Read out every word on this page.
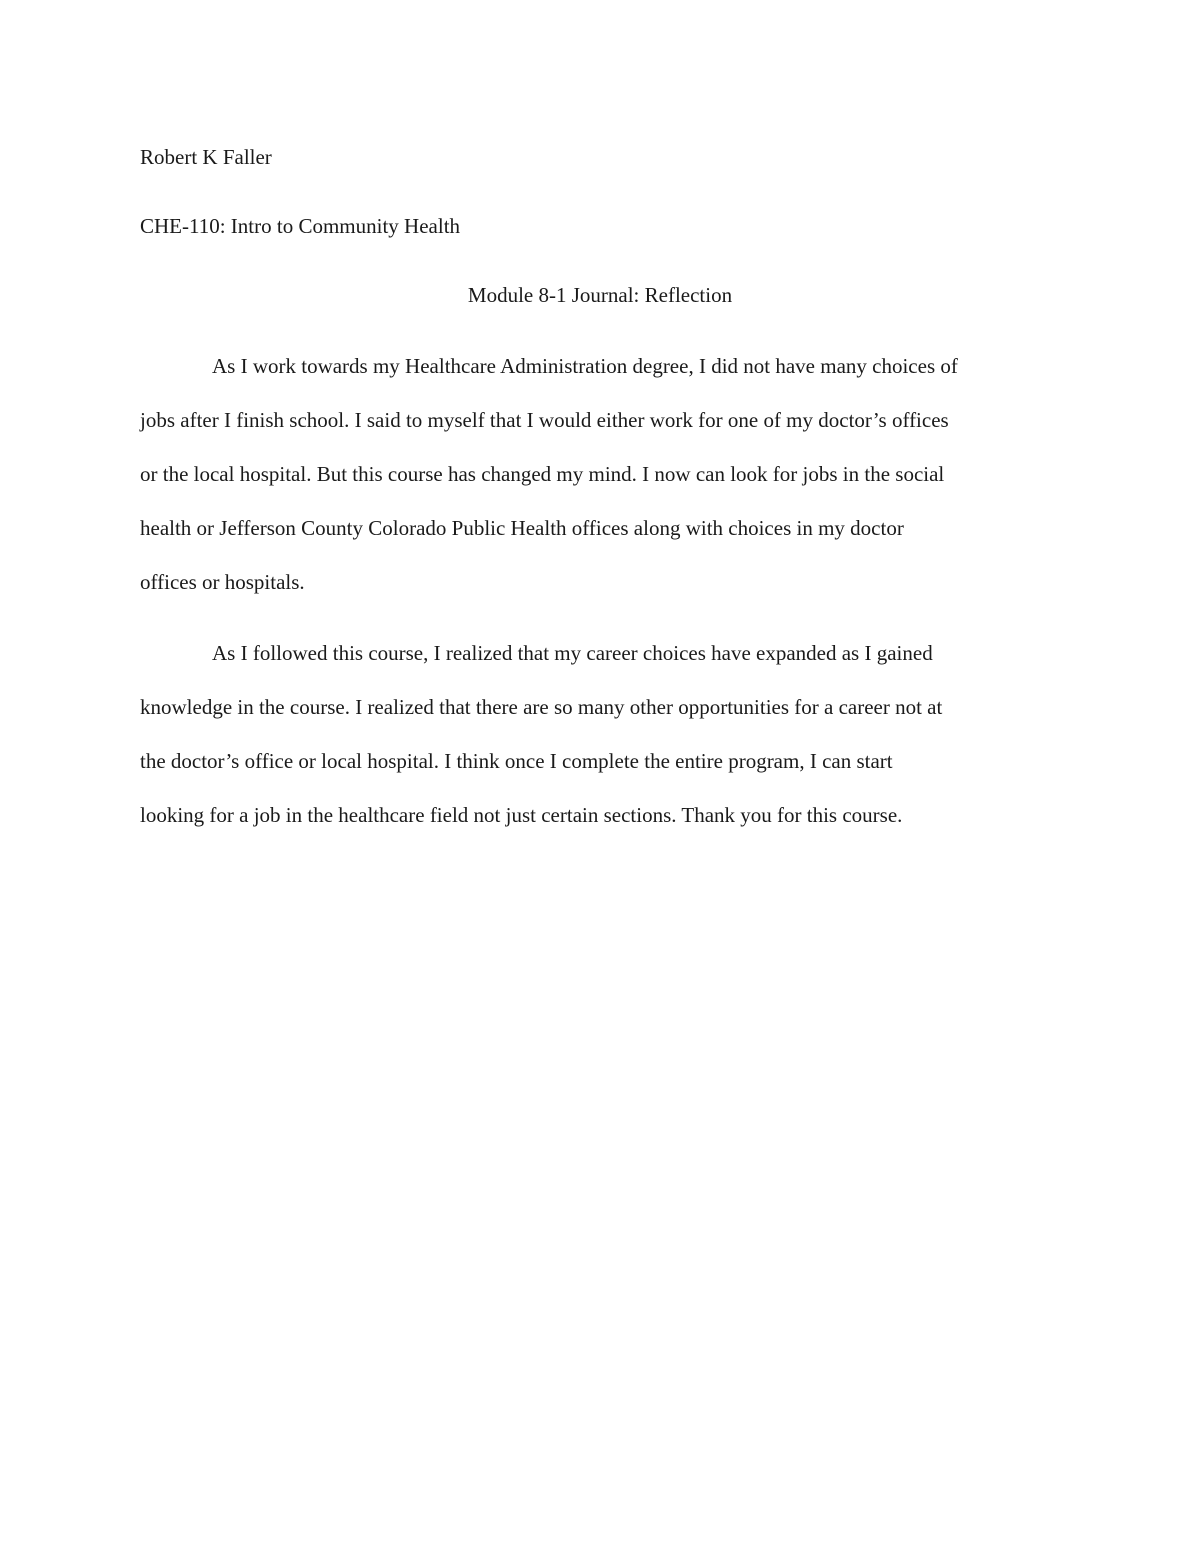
Robert K Faller
CHE-110: Intro to Community Health
Module 8-1 Journal: Reflection
As I work towards my Healthcare Administration degree, I did not have many choices of
jobs after I finish school. I said to myself that I would either work for one of my doctor’s offices
or the local hospital. But this course has changed my mind. I now can look for jobs in the social
health or Jefferson County Colorado Public Health offices along with choices in my doctor
offices or hospitals.
As I followed this course, I realized that my career choices have expanded as I gained
knowledge in the course. I realized that there are so many other opportunities for a career not at
the doctor’s office or local hospital. I think once I complete the entire program, I can start
looking for a job in the healthcare field not just certain sections. Thank you for this course.
